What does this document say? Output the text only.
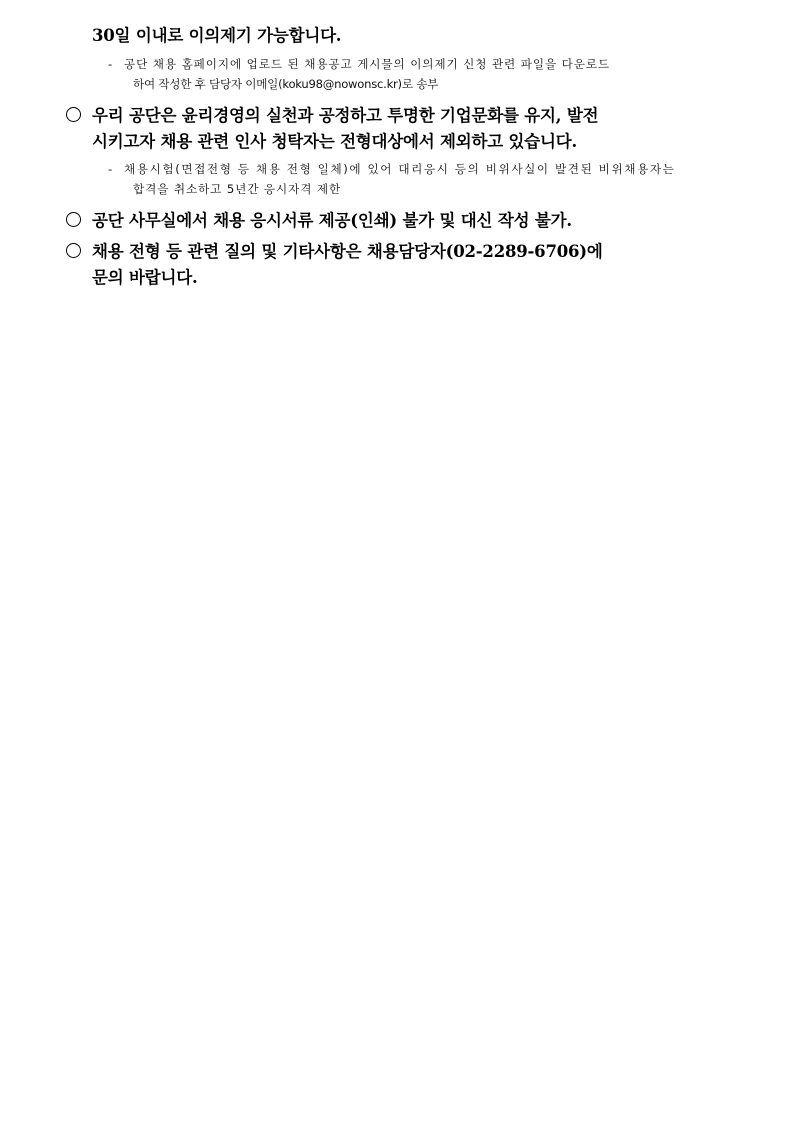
30일 이내로 이의제기 가능합니다.

- 공단 채용 홈페이지에 업로드 된 채용공고 게시물의 이의제기 신청 관련 파일을 다운로드
하여 작성한 후 담당자 이메일(koku98@nowonsc.kr)로 송부
우리 공단은 윤리경영의 실천과 공정하고 투명한 기업문화를 유지, 발전
시키고자 채용 관련 인사 청탁자는 전형대상에서 제외하고 있습니다.
- 채용시험(면접전형 등 채용 전형 일체)에 있어 대리응시 등의 비위사실이 발견된 비위채용자는
합격을 취소하고 5년간 응시자격 제한
공단 사무실에서 채용 응시서류 제공(인쇄) 불가 및 대신 작성 불가.
채용 전형 등 관련 질의 및 기타사항은 채용담당자(02-2289-6706)에
문의 바랍니다.
